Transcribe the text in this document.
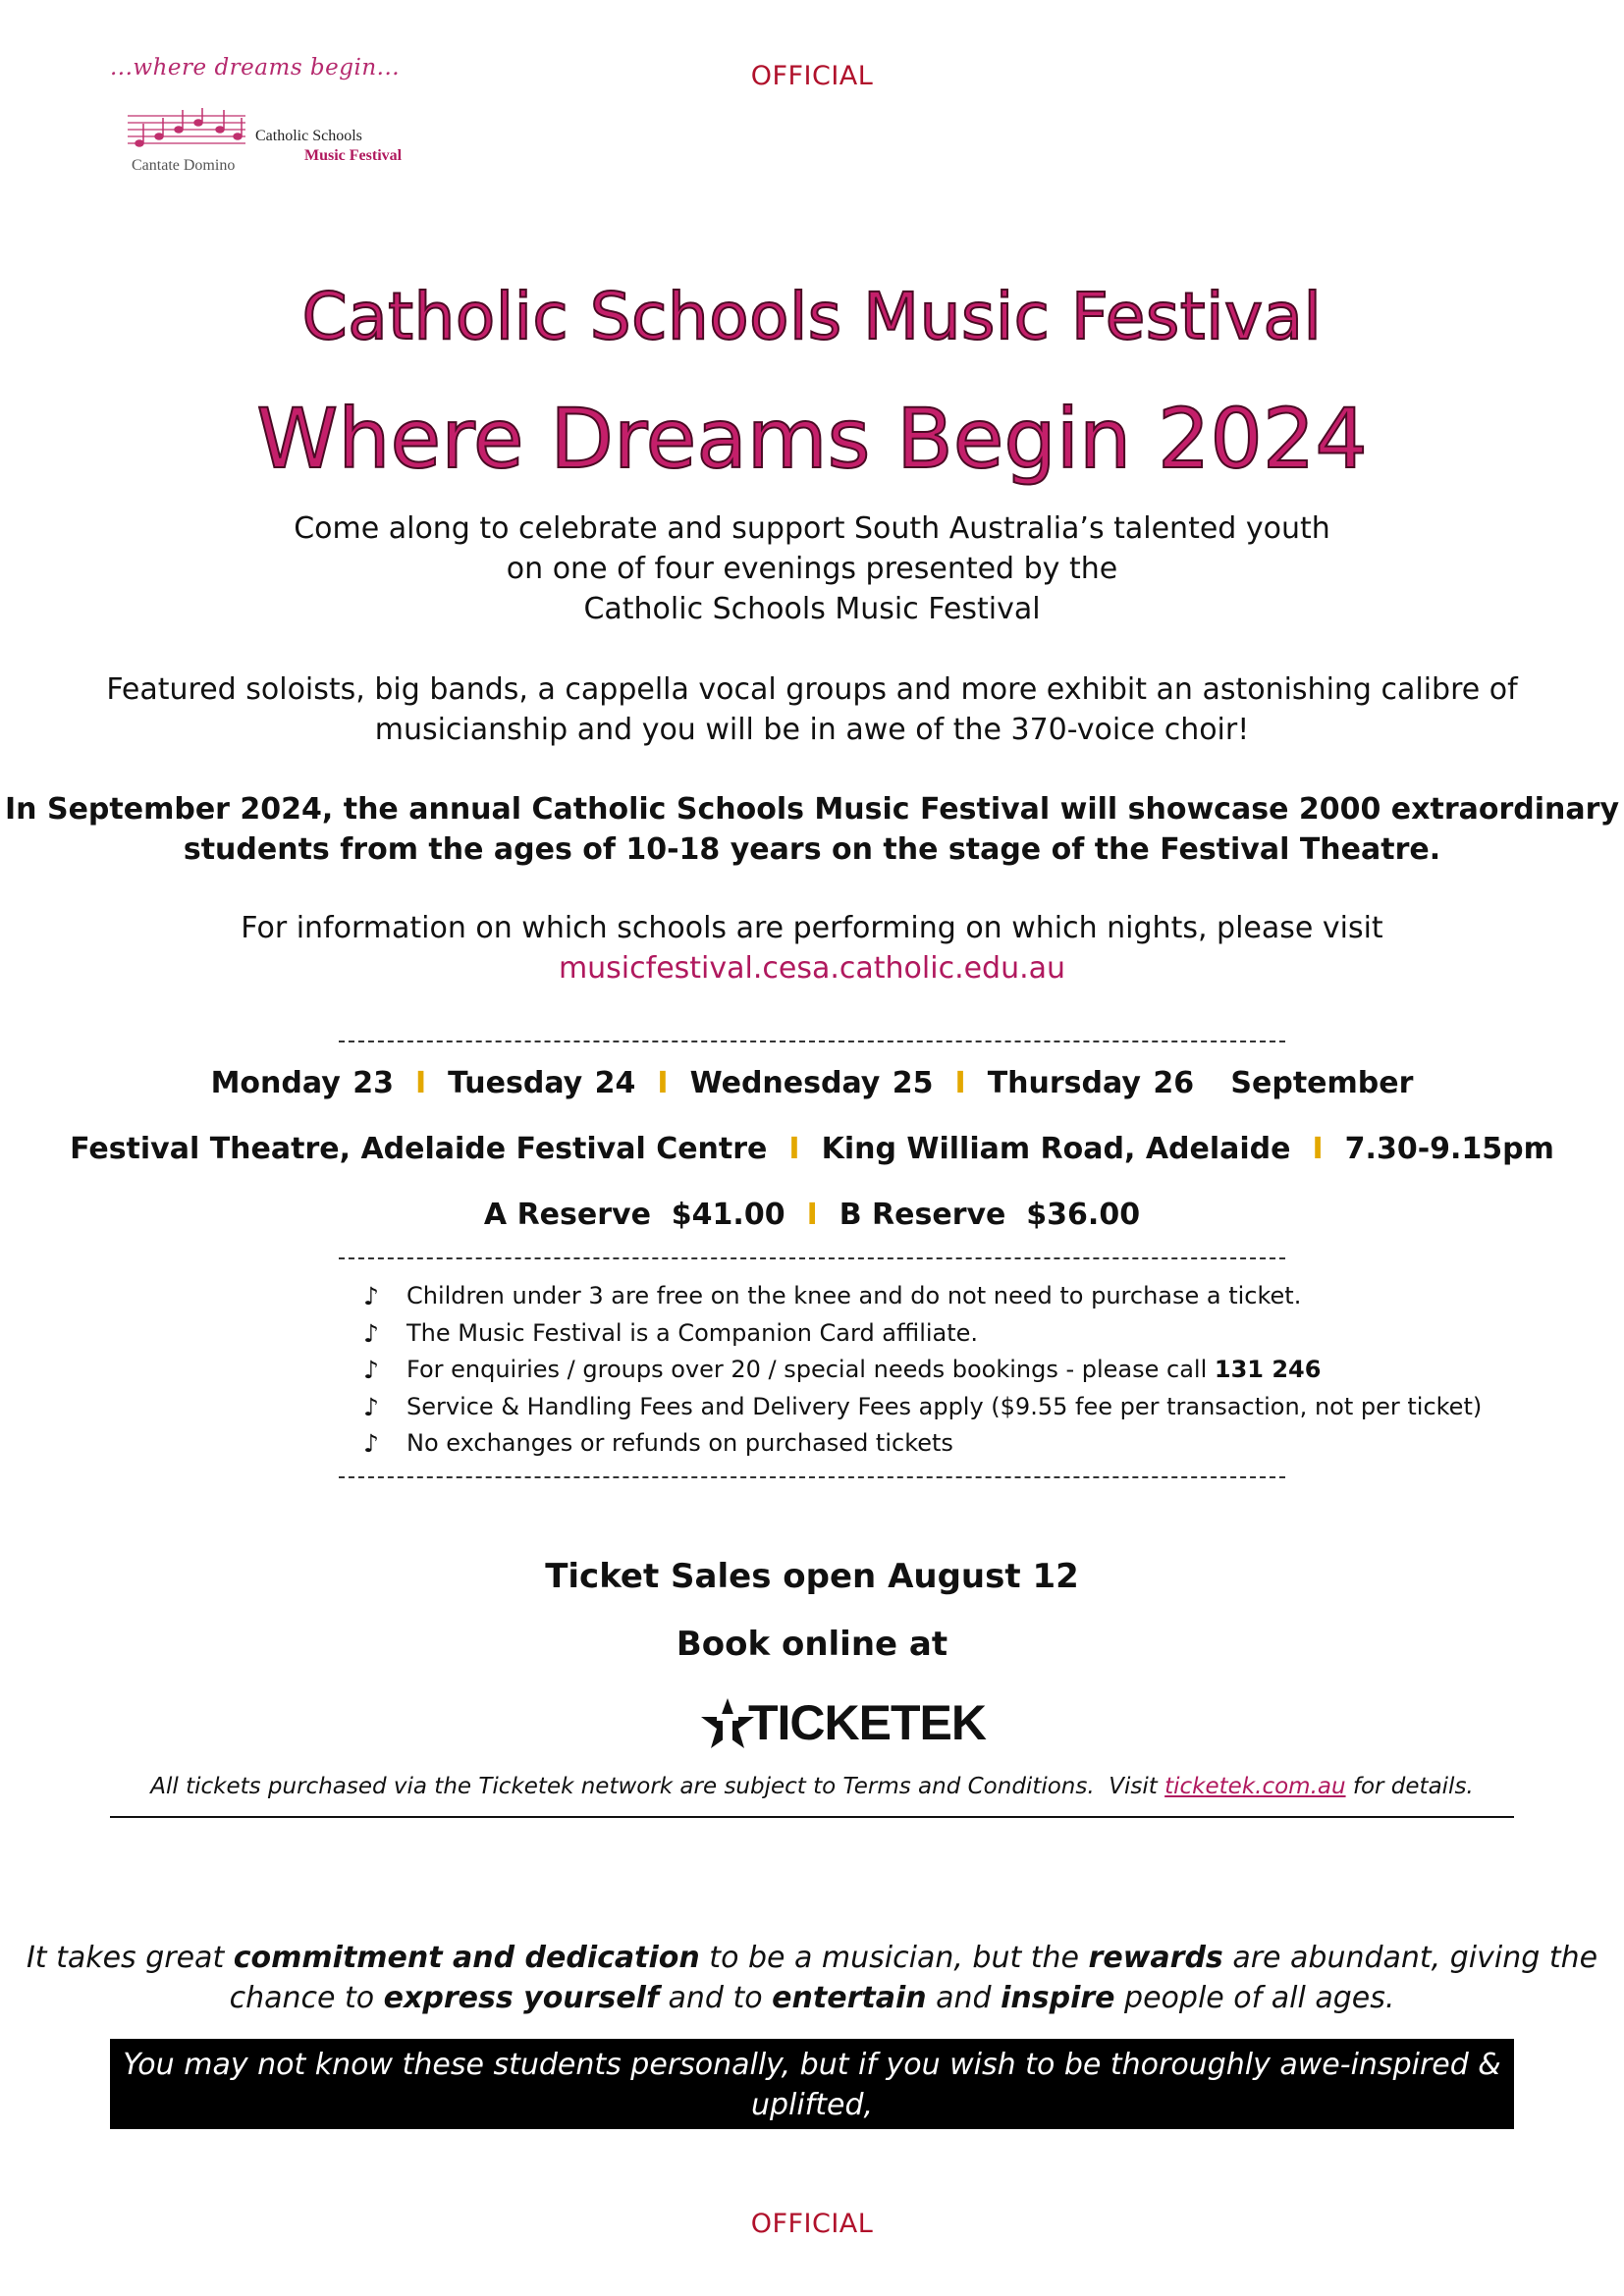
OFFICIAL
...where dreams begin...
Cantate Domino
Catholic Schools
Music Festival
Catholic Schools Music Festival
Where Dreams Begin 2024
Come along to celebrate and support South Australia’s talented youth
on one of four evenings presented by the
Catholic Schools Music Festival
Featured soloists, big bands, a cappella vocal groups and more exhibit an astonishing calibre of
musicianship and you will be in awe of the 370-voice choir!
In September 2024, the annual Catholic Schools Music Festival will showcase 2000 extraordinary
students from the ages of 10-18 years on the stage of the Festival Theatre.
For information on which schools are performing on which nights, please visit
musicfestival.cesa.catholic.edu.au
Monday 23 I Tuesday 24 I Wednesday 25 I Thursday 26   September
Festival Theatre, Adelaide Festival Centre I King William Road, Adelaide I 7.30-9.15pm
A Reserve  $41.00 I B Reserve  $36.00
♪ Children under 3 are free on the knee and do not need to purchase a ticket.
♪ The Music Festival is a Companion Card affiliate.
♪ For enquiries / groups over 20 / special needs bookings - please call 131 246
♪ Service & Handling Fees and Delivery Fees apply ($9.55 fee per transaction, not per ticket)
♪ No exchanges or refunds on purchased tickets
Ticket Sales open August 12
Book online at
TICKETEK
All tickets purchased via the Ticketek network are subject to Terms and Conditions.  Visit ticketek.com.au for details.
It takes great commitment and dedication to be a musician, but the rewards are abundant, giving the
chance to express yourself and to entertain and inspire people of all ages.
You may not know these students personally, but if you wish to be thoroughly awe-inspired & uplifted,
then an evening out with Adelaide’s future entertainers is one you won’t want to miss!
OFFICIAL
